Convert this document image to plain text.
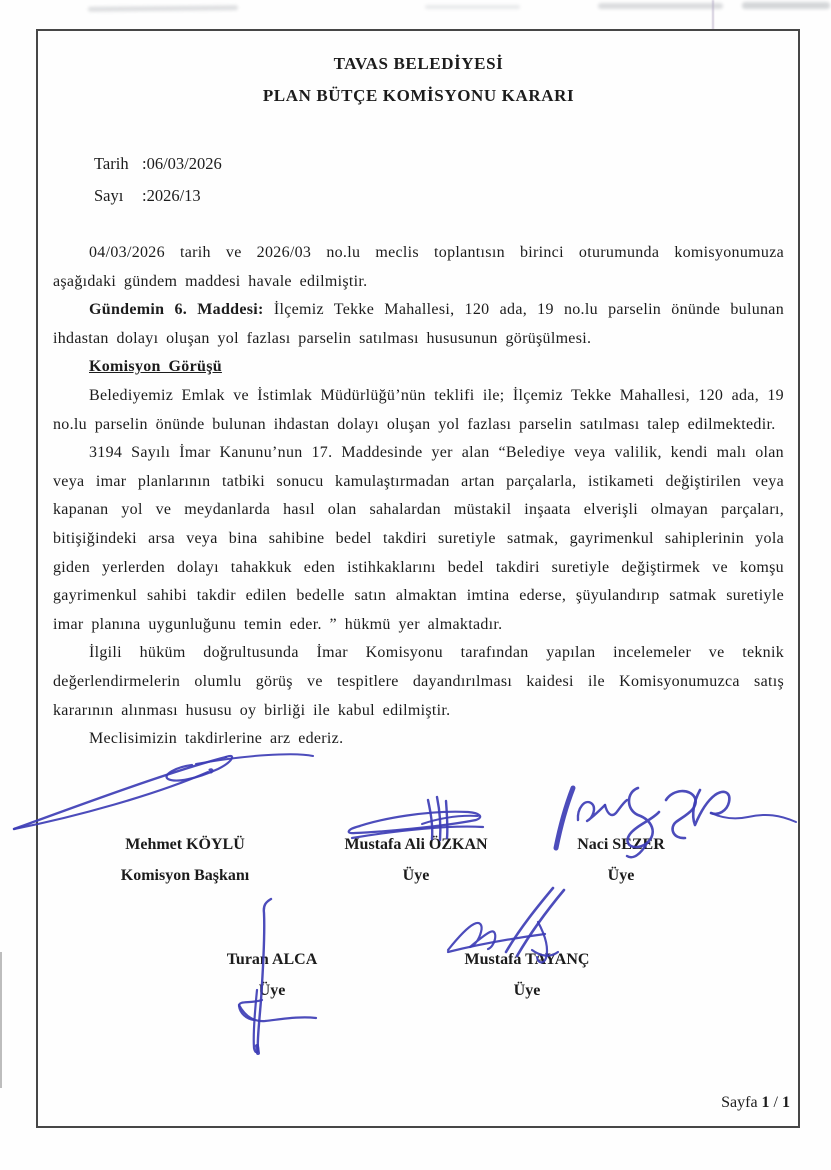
TAVAS BELEDİYESİ
PLAN BÜTÇE KOMİSYONU KARARI
Tarih :06/03/2026
Sayı :2026/13
04/03/2026 tarih ve 2026/03 no.lu meclis toplantısın birinci oturumunda komisyonumuza aşağıdaki gündem maddesi havale edilmiştir.
Gündemin 6. Maddesi: İlçemiz Tekke Mahallesi, 120 ada, 19 no.lu parselin önünde bulunan ihdastan dolayı oluşan yol fazlası parselin satılması hususunun görüşülmesi.
Komisyon Görüşü
Belediyemiz Emlak ve İstimlak Müdürlüğü’nün teklifi ile; İlçemiz Tekke Mahallesi, 120 ada, 19 no.lu parselin önünde bulunan ihdastan dolayı oluşan yol fazlası parselin satılması talep edilmektedir.
3194 Sayılı İmar Kanunu’nun 17. Maddesinde yer alan “Belediye veya valilik, kendi malı olan veya imar planlarının tatbiki sonucu kamulaştırmadan artan parçalarla, istikameti değiştirilen veya kapanan yol ve meydanlarda hasıl olan sahalardan müstakil inşaata elverişli olmayan parçaları, bitişiğindeki arsa veya bina sahibine bedel takdiri suretiyle satmak, gayrimenkul sahiplerinin yola giden yerlerden dolayı tahakkuk eden istihkaklarını bedel takdiri suretiyle değiştirmek ve komşu gayrimenkul sahibi takdir edilen bedelle satın almaktan imtina ederse, şüyulandırıp satmak suretiyle imar planına uygunluğunu temin eder. ” hükmü yer almaktadır.
İlgili hüküm doğrultusunda İmar Komisyonu tarafından yapılan incelemeler ve teknik değerlendirmelerin olumlu görüş ve tespitlere dayandırılması kaidesi ile Komisyonumuzca satış kararının alınması hususu oy birliği ile kabul edilmiştir.
Meclisimizin takdirlerine arz ederiz.
Mehmet KÖYLÜ
Komisyon Başkanı
Mustafa Ali ÖZKAN
Üye
Naci SEZER
Üye
Turan ALCA
Üye
Mustafa TAYANÇ
Üye
Sayfa 1 / 1
